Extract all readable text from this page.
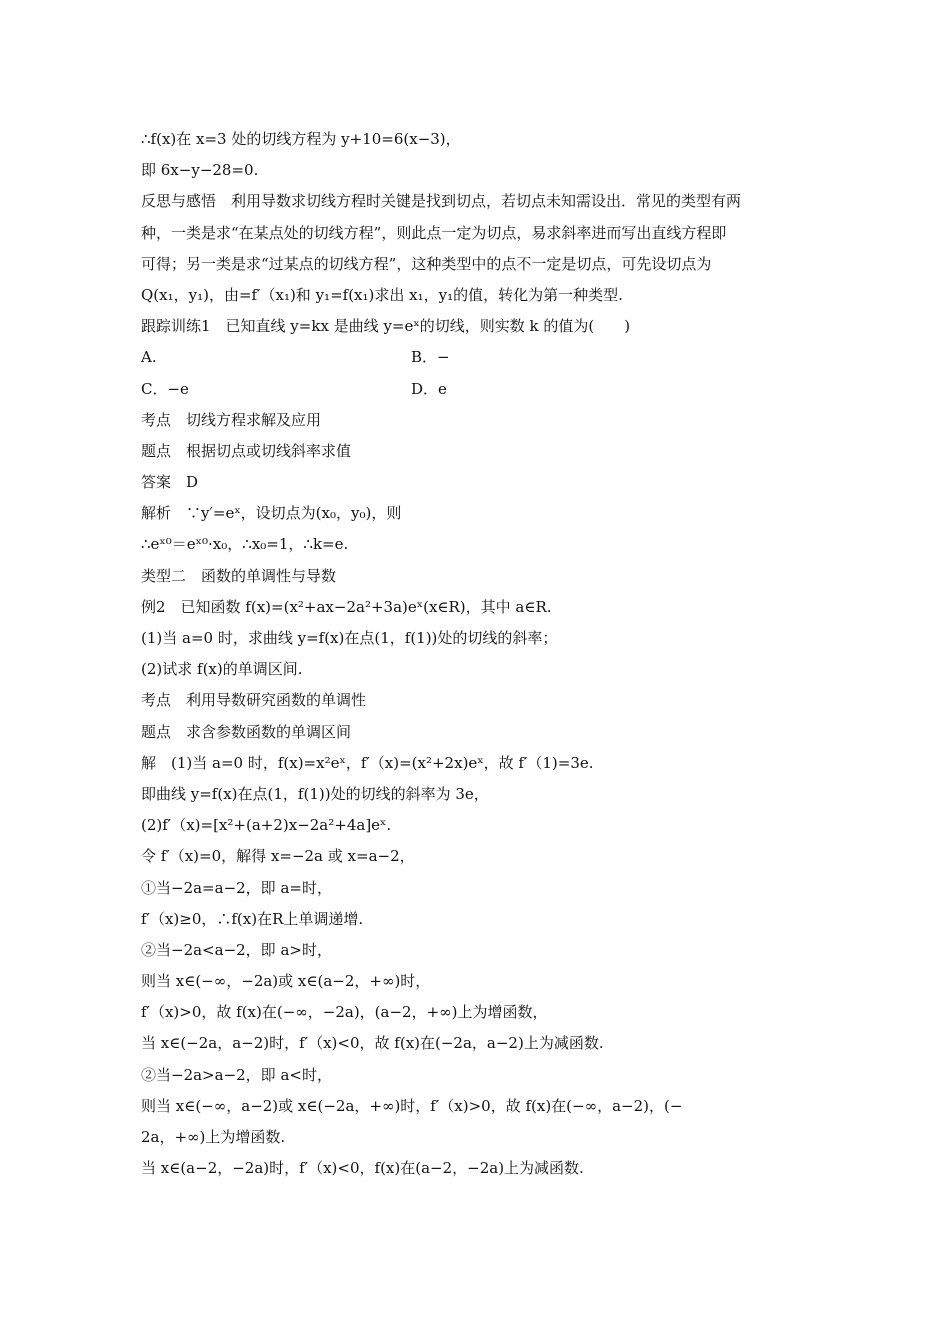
∴f(x)在 x=3 处的切线方程为 y+10=6(x−3)，
即 6x−y−28=0.
反思与感悟　利用导数求切线方程时关键是找到切点，若切点未知需设出．常见的类型有两
种，一类是求“在某点处的切线方程”，则此点一定为切点，易求斜率进而写出直线方程即
可得；另一类是求“过某点的切线方程”，这种类型中的点不一定是切点，可先设切点为
Q(x₁，y₁)，由=f′（x₁)和 y₁=f(x₁)求出 x₁，y₁的值，转化为第一种类型.
跟踪训练1　已知直线 y=kx 是曲线 y=eˣ的切线，则实数 k 的值为(　　)
A.	B．−
C．−e	D．e
考点　切线方程求解及应用
题点　根据切点或切线斜率求值
答案　D
解析　∵y′=eˣ，设切点为(x₀，y₀)，则
∴eˣ⁰＝eˣ⁰·x₀，∴x₀=1，∴k=e.
类型二　函数的单调性与导数
例2　已知函数 f(x)=(x²+ax−2a²+3a)eˣ(x∈R)，其中 a∈R.
(1)当 a=0 时，求曲线 y=f(x)在点(1，f(1))处的切线的斜率；
(2)试求 f(x)的单调区间.
考点　利用导数研究函数的单调性
题点　求含参数函数的单调区间
解　(1)当 a=0 时，f(x)=x²eˣ，f′（x)=(x²+2x)eˣ，故 f′（1)=3e.
即曲线 y=f(x)在点(1，f(1))处的切线的斜率为 3e，
(2)f′（x)=[x²+(a+2)x−2a²+4a]eˣ.
令 f′（x)=0，解得 x=−2a 或 x=a−2，
①当−2a=a−2，即 a=时，
f′（x)≥0，∴f(x)在R上单调递增.
②当−2a<a−2，即 a>时，
则当 x∈(−∞，−2a)或 x∈(a−2，+∞)时，
f′（x)>0，故 f(x)在(−∞，−2a)，(a−2，+∞)上为增函数，
当 x∈(−2a，a−2)时，f′（x)<0，故 f(x)在(−2a，a−2)上为减函数.
②当−2a>a−2，即 a<时，
则当 x∈(−∞，a−2)或 x∈(−2a，+∞)时，f′（x)>0，故 f(x)在(−∞，a−2)，(−
2a，+∞)上为增函数.
当 x∈(a−2，−2a)时，f′（x)<0，f(x)在(a−2，−2a)上为减函数.
